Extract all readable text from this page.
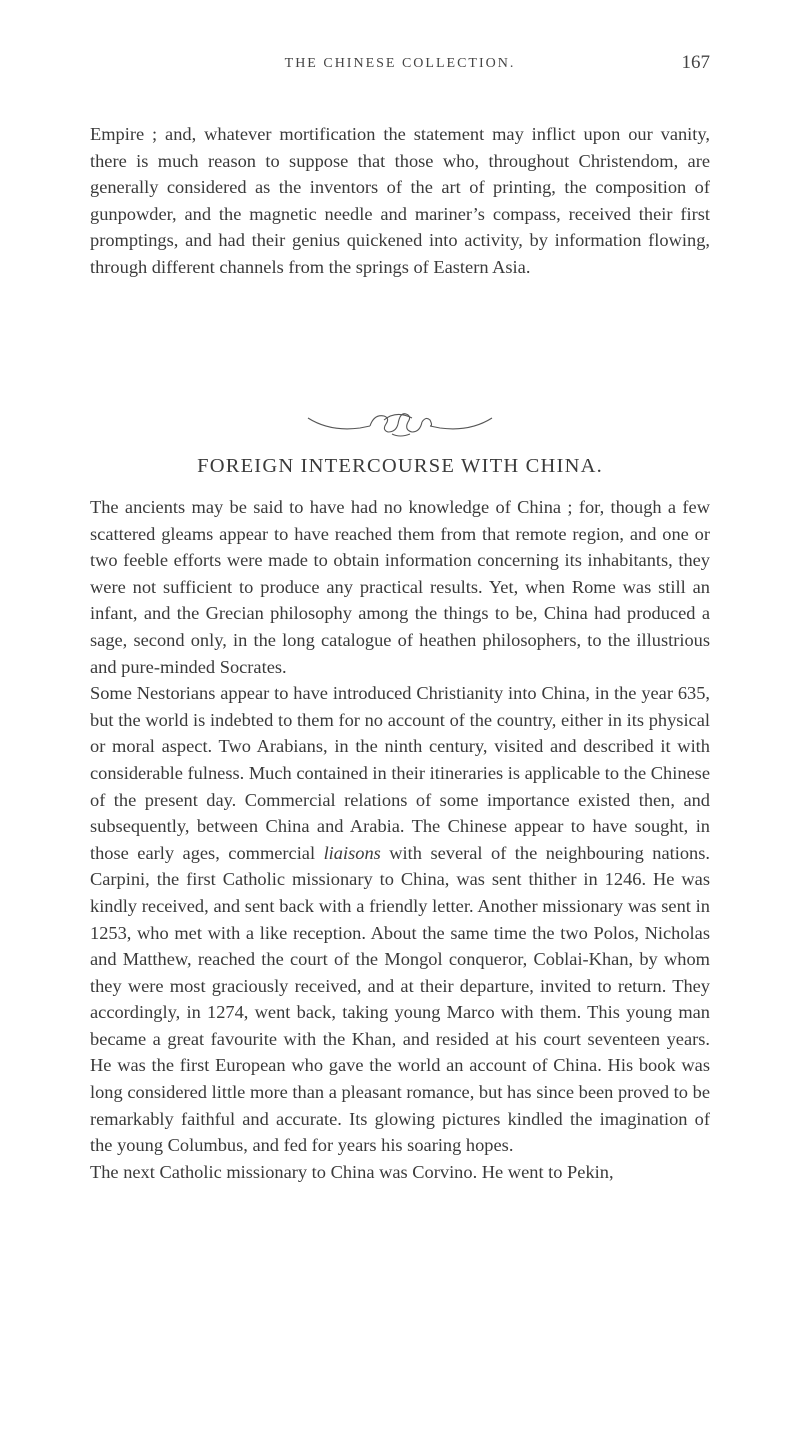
THE CHINESE COLLECTION.	167

Empire ; and, whatever mortification the statement may inflict upon our vanity, there is much reason to suppose that those who, throughout Christendom, are generally considered as the inventors of the art of printing, the composition of gunpowder, and the magnetic needle and mariner’s compass, received their first promptings, and had their genius quickened into activity, by information flowing, through different channels from the springs of Eastern Asia.

FOREIGN INTERCOURSE WITH CHINA.

The ancients may be said to have had no knowledge of China ; for, though a few scattered gleams appear to have reached them from that remote region, and one or two feeble efforts were made to obtain information concerning its inhabitants, they were not sufficient to produce any practical results. Yet, when Rome was still an infant, and the Grecian philosophy among the things to be, China had produced a sage, second only, in the long catalogue of heathen philosophers, to the illustrious and pure-minded Socrates.

Some Nestorians appear to have introduced Christianity into China, in the year 635, but the world is indebted to them for no account of the country, either in its physical or moral aspect. Two Arabians, in the ninth century, visited and described it with considerable fulness. Much contained in their itineraries is applicable to the Chinese of the present day. Commercial relations of some importance existed then, and subsequently, between China and Arabia. The Chinese appear to have sought, in those early ages, commercial liaisons with several of the neighbouring nations. Carpini, the first Catholic missionary to China, was sent thither in 1246. He was kindly received, and sent back with a friendly letter. Another missionary was sent in 1253, who met with a like reception. About the same time the two Polos, Nicholas and Matthew, reached the court of the Mongol conqueror, Coblai-Khan, by whom they were most graciously received, and at their departure, invited to return. They accordingly, in 1274, went back, taking young Marco with them. This young man became a great favourite with the Khan, and resided at his court seventeen years. He was the first European who gave the world an account of China. His book was long considered little more than a pleasant romance, but has since been proved to be remarkably faithful and accurate. Its glowing pictures kindled the imagination of the young Columbus, and fed for years his soaring hopes.

The next Catholic missionary to China was Corvino. He went to Pekin,
